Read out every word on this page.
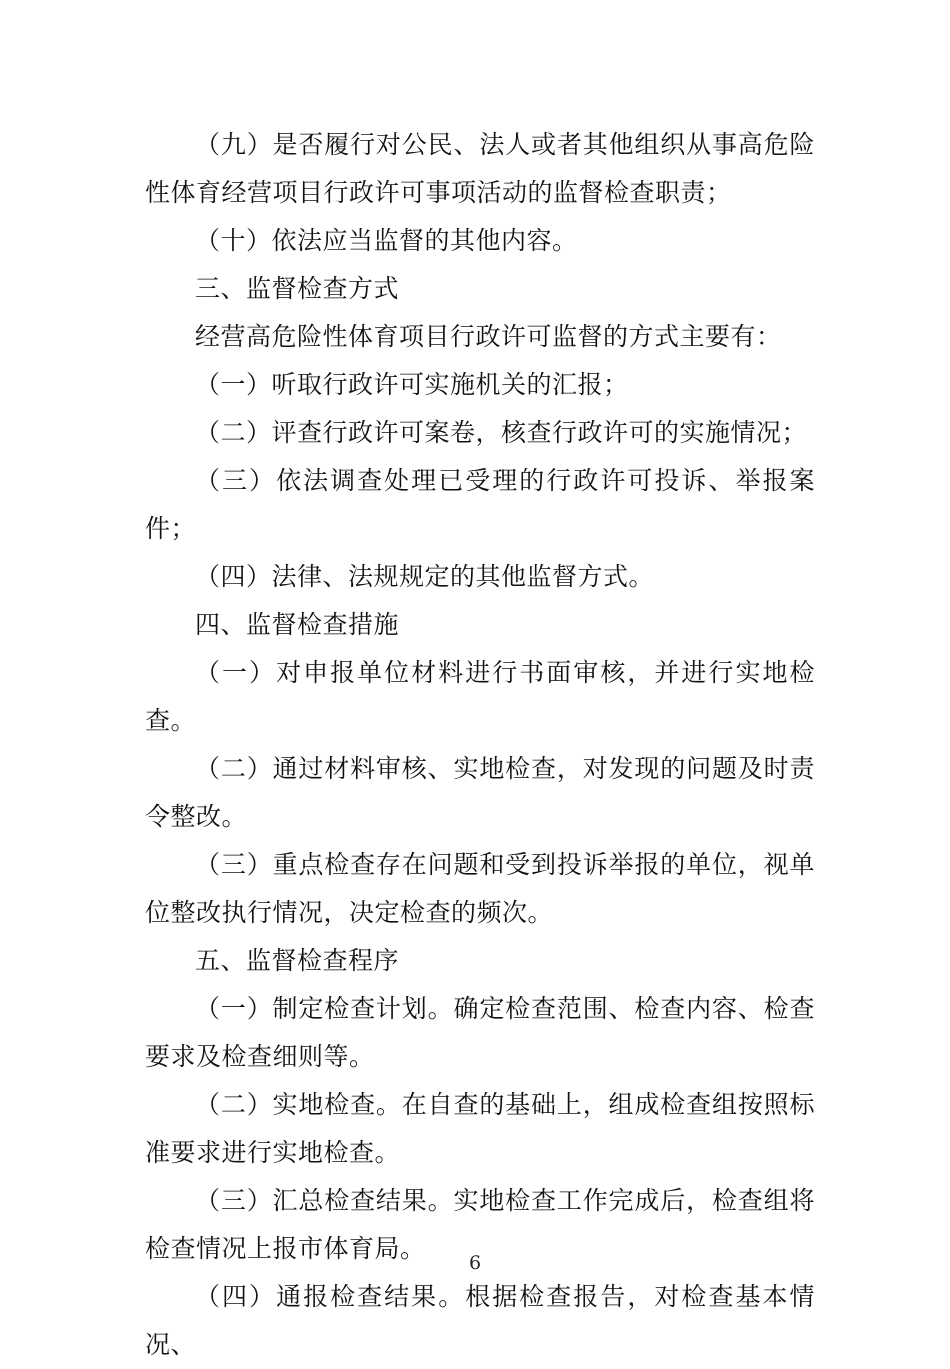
（九）是否履行对公民、法人或者其他组织从事高危险性体育经营项目行政许可事项活动的监督检查职责；

（十）依法应当监督的其他内容。

三、监督检查方式

经营高危险性体育项目行政许可监督的方式主要有：

（一）听取行政许可实施机关的汇报；

（二）评查行政许可案卷，核查行政许可的实施情况；

（三）依法调查处理已受理的行政许可投诉、举报案件；

（四）法律、法规规定的其他监督方式。

四、监督检查措施

（一）对申报单位材料进行书面审核，并进行实地检查。

（二）通过材料审核、实地检查，对发现的问题及时责令整改。

（三）重点检查存在问题和受到投诉举报的单位，视单位整改执行情况，决定检查的频次。

五、监督检查程序

（一）制定检查计划。确定检查范围、检查内容、检查要求及检查细则等。

（二）实地检查。在自查的基础上，组成检查组按照标准要求进行实地检查。

（三）汇总检查结果。实地检查工作完成后，检查组将检查情况上报市体育局。

（四）通报检查结果。根据检查报告，对检查基本情况、

6
